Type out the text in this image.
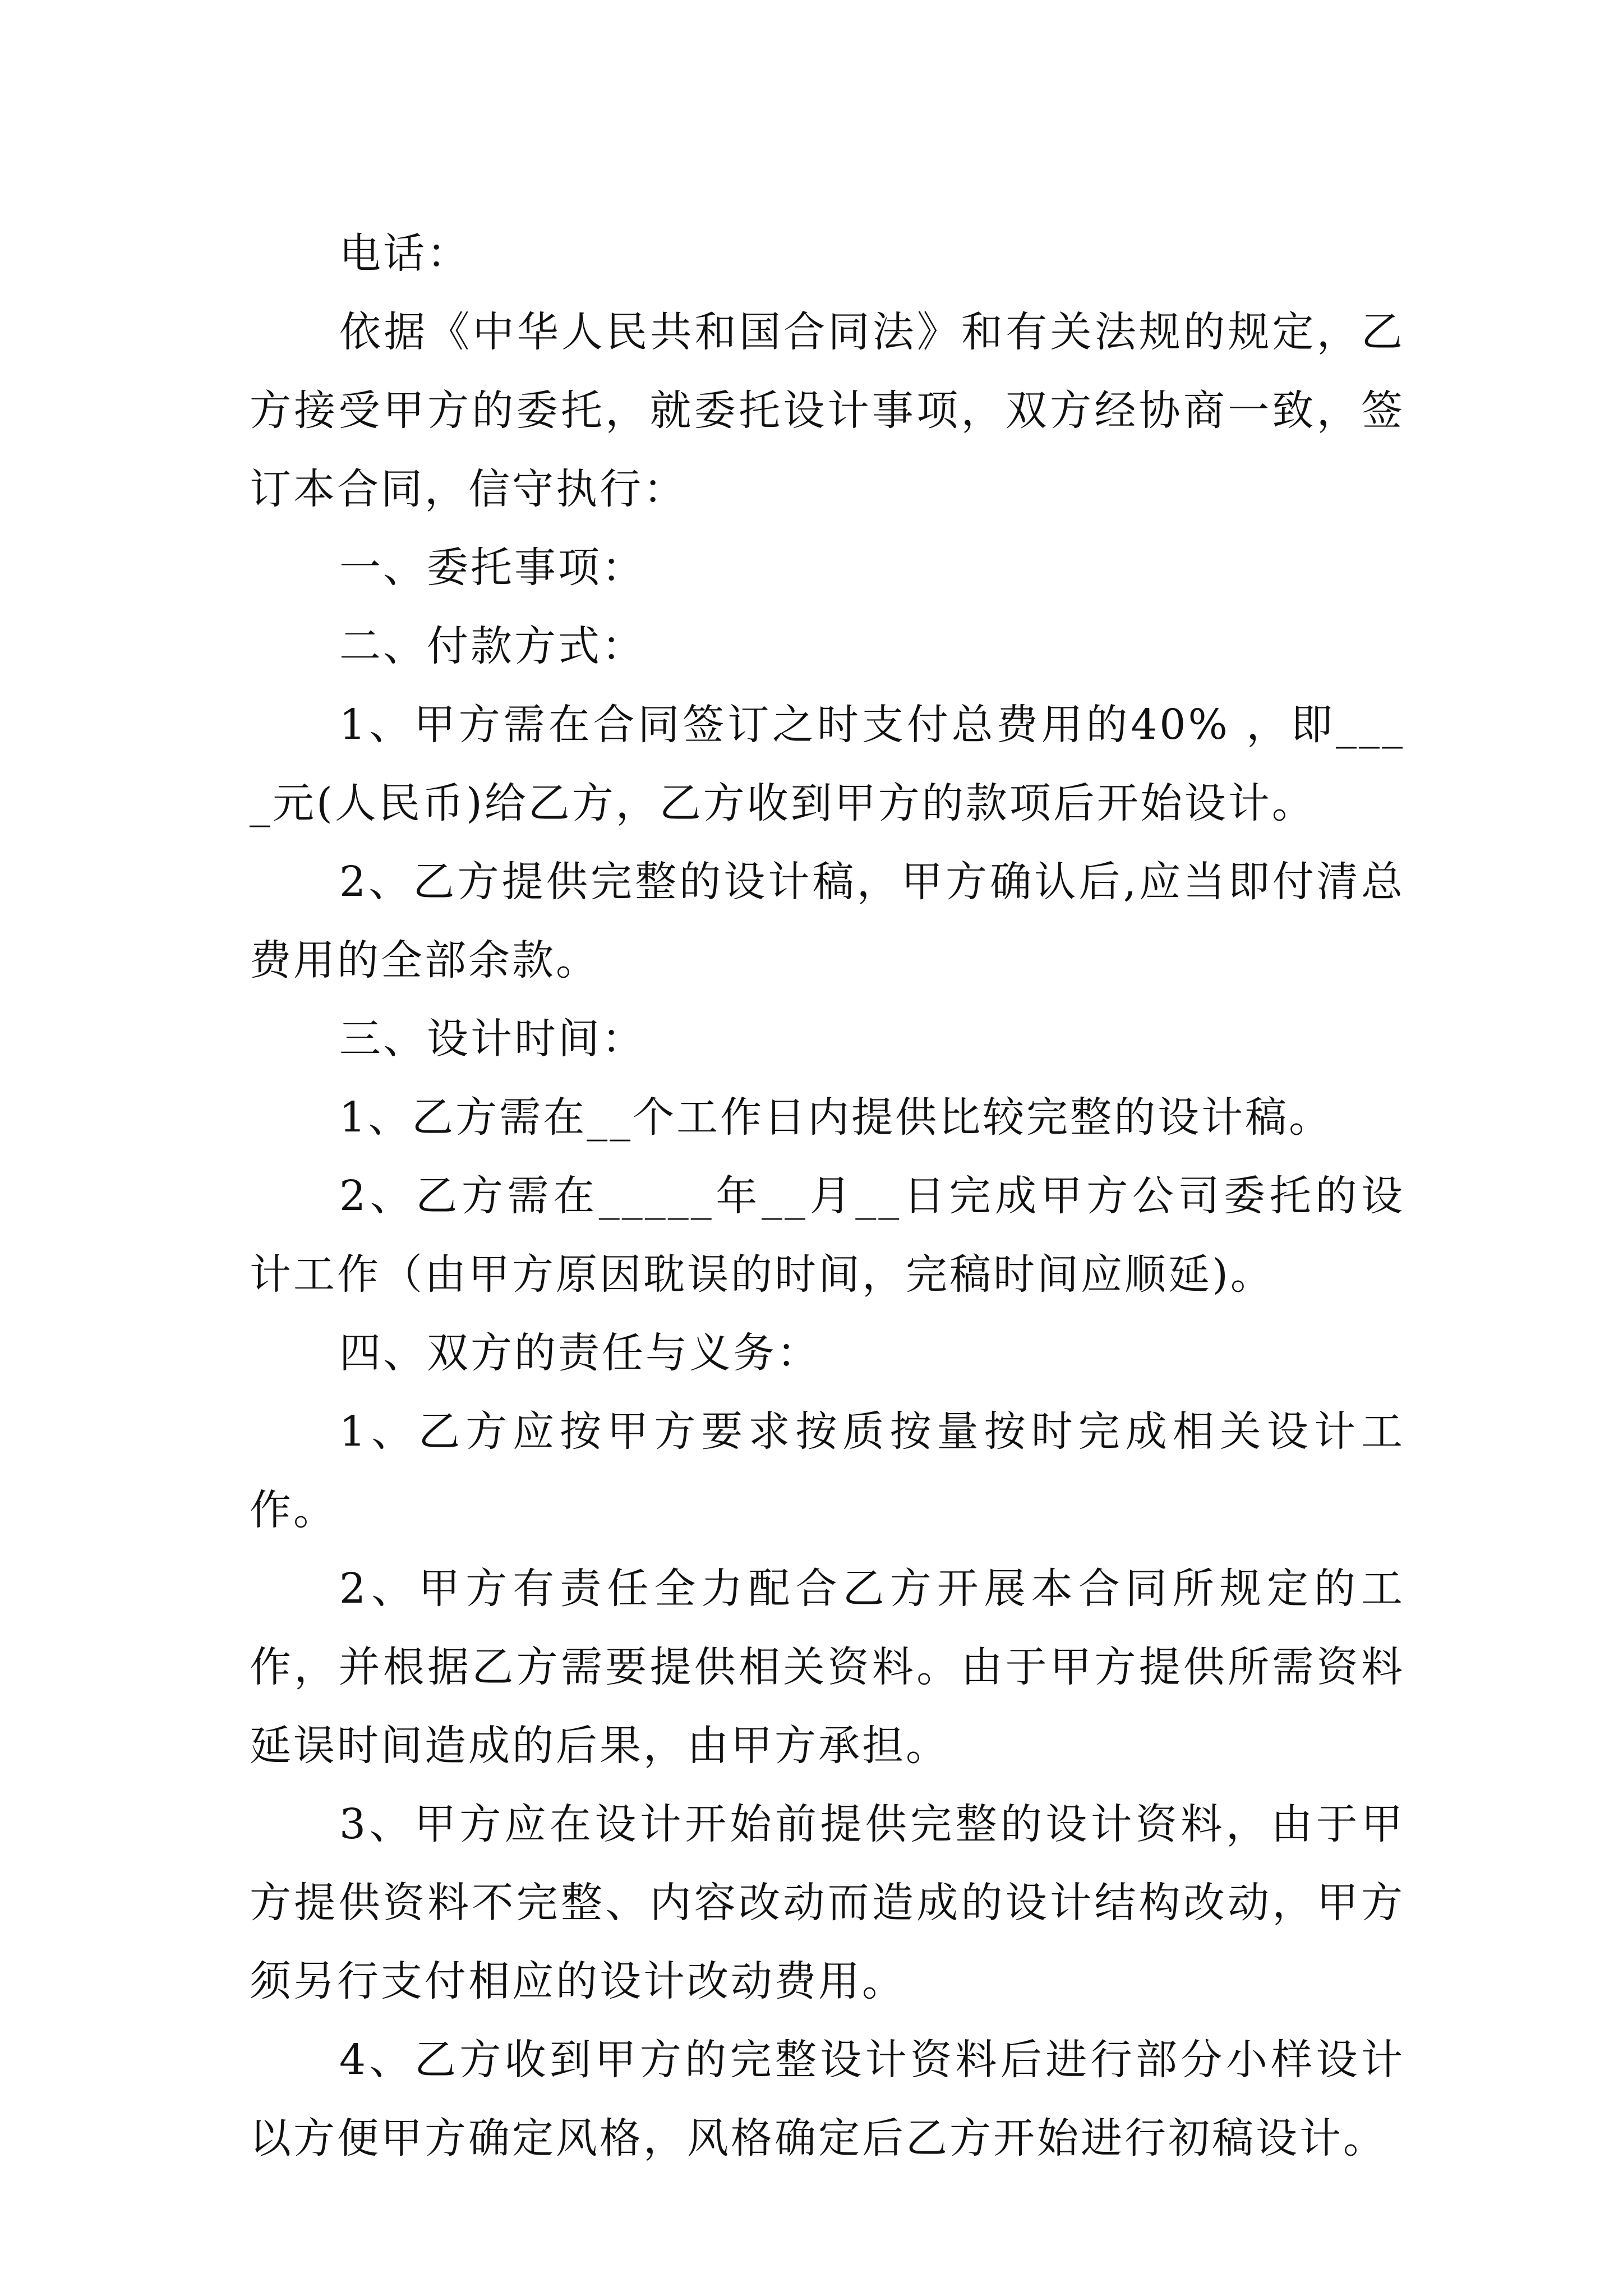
电话：

依据《中华人民共和国合同法》和有关法规的规定，乙方接受甲方的委托，就委托设计事项，双方经协商一致，签订本合同，信守执行：

一、委托事项：

二、付款方式：

1、甲方需在合同签订之时支付总费用的40% ，即____元(人民币)给乙方，乙方收到甲方的款项后开始设计。

2、乙方提供完整的设计稿，甲方确认后,应当即付清总费用的全部余款。

三、设计时间：

1、乙方需在__个工作日内提供比较完整的设计稿。

2、乙方需在_____年__月__日完成甲方公司委托的设计工作（由甲方原因耽误的时间，完稿时间应顺延)。

四、双方的责任与义务：

1、乙方应按甲方要求按质按量按时完成相关设计工作。

2、甲方有责任全力配合乙方开展本合同所规定的工作，并根据乙方需要提供相关资料。由于甲方提供所需资料延误时间造成的后果，由甲方承担。

3、甲方应在设计开始前提供完整的设计资料，由于甲方提供资料不完整、内容改动而造成的设计结构改动，甲方须另行支付相应的设计改动费用。

4、乙方收到甲方的完整设计资料后进行部分小样设计以方便甲方确定风格，风格确定后乙方开始进行初稿设计。
